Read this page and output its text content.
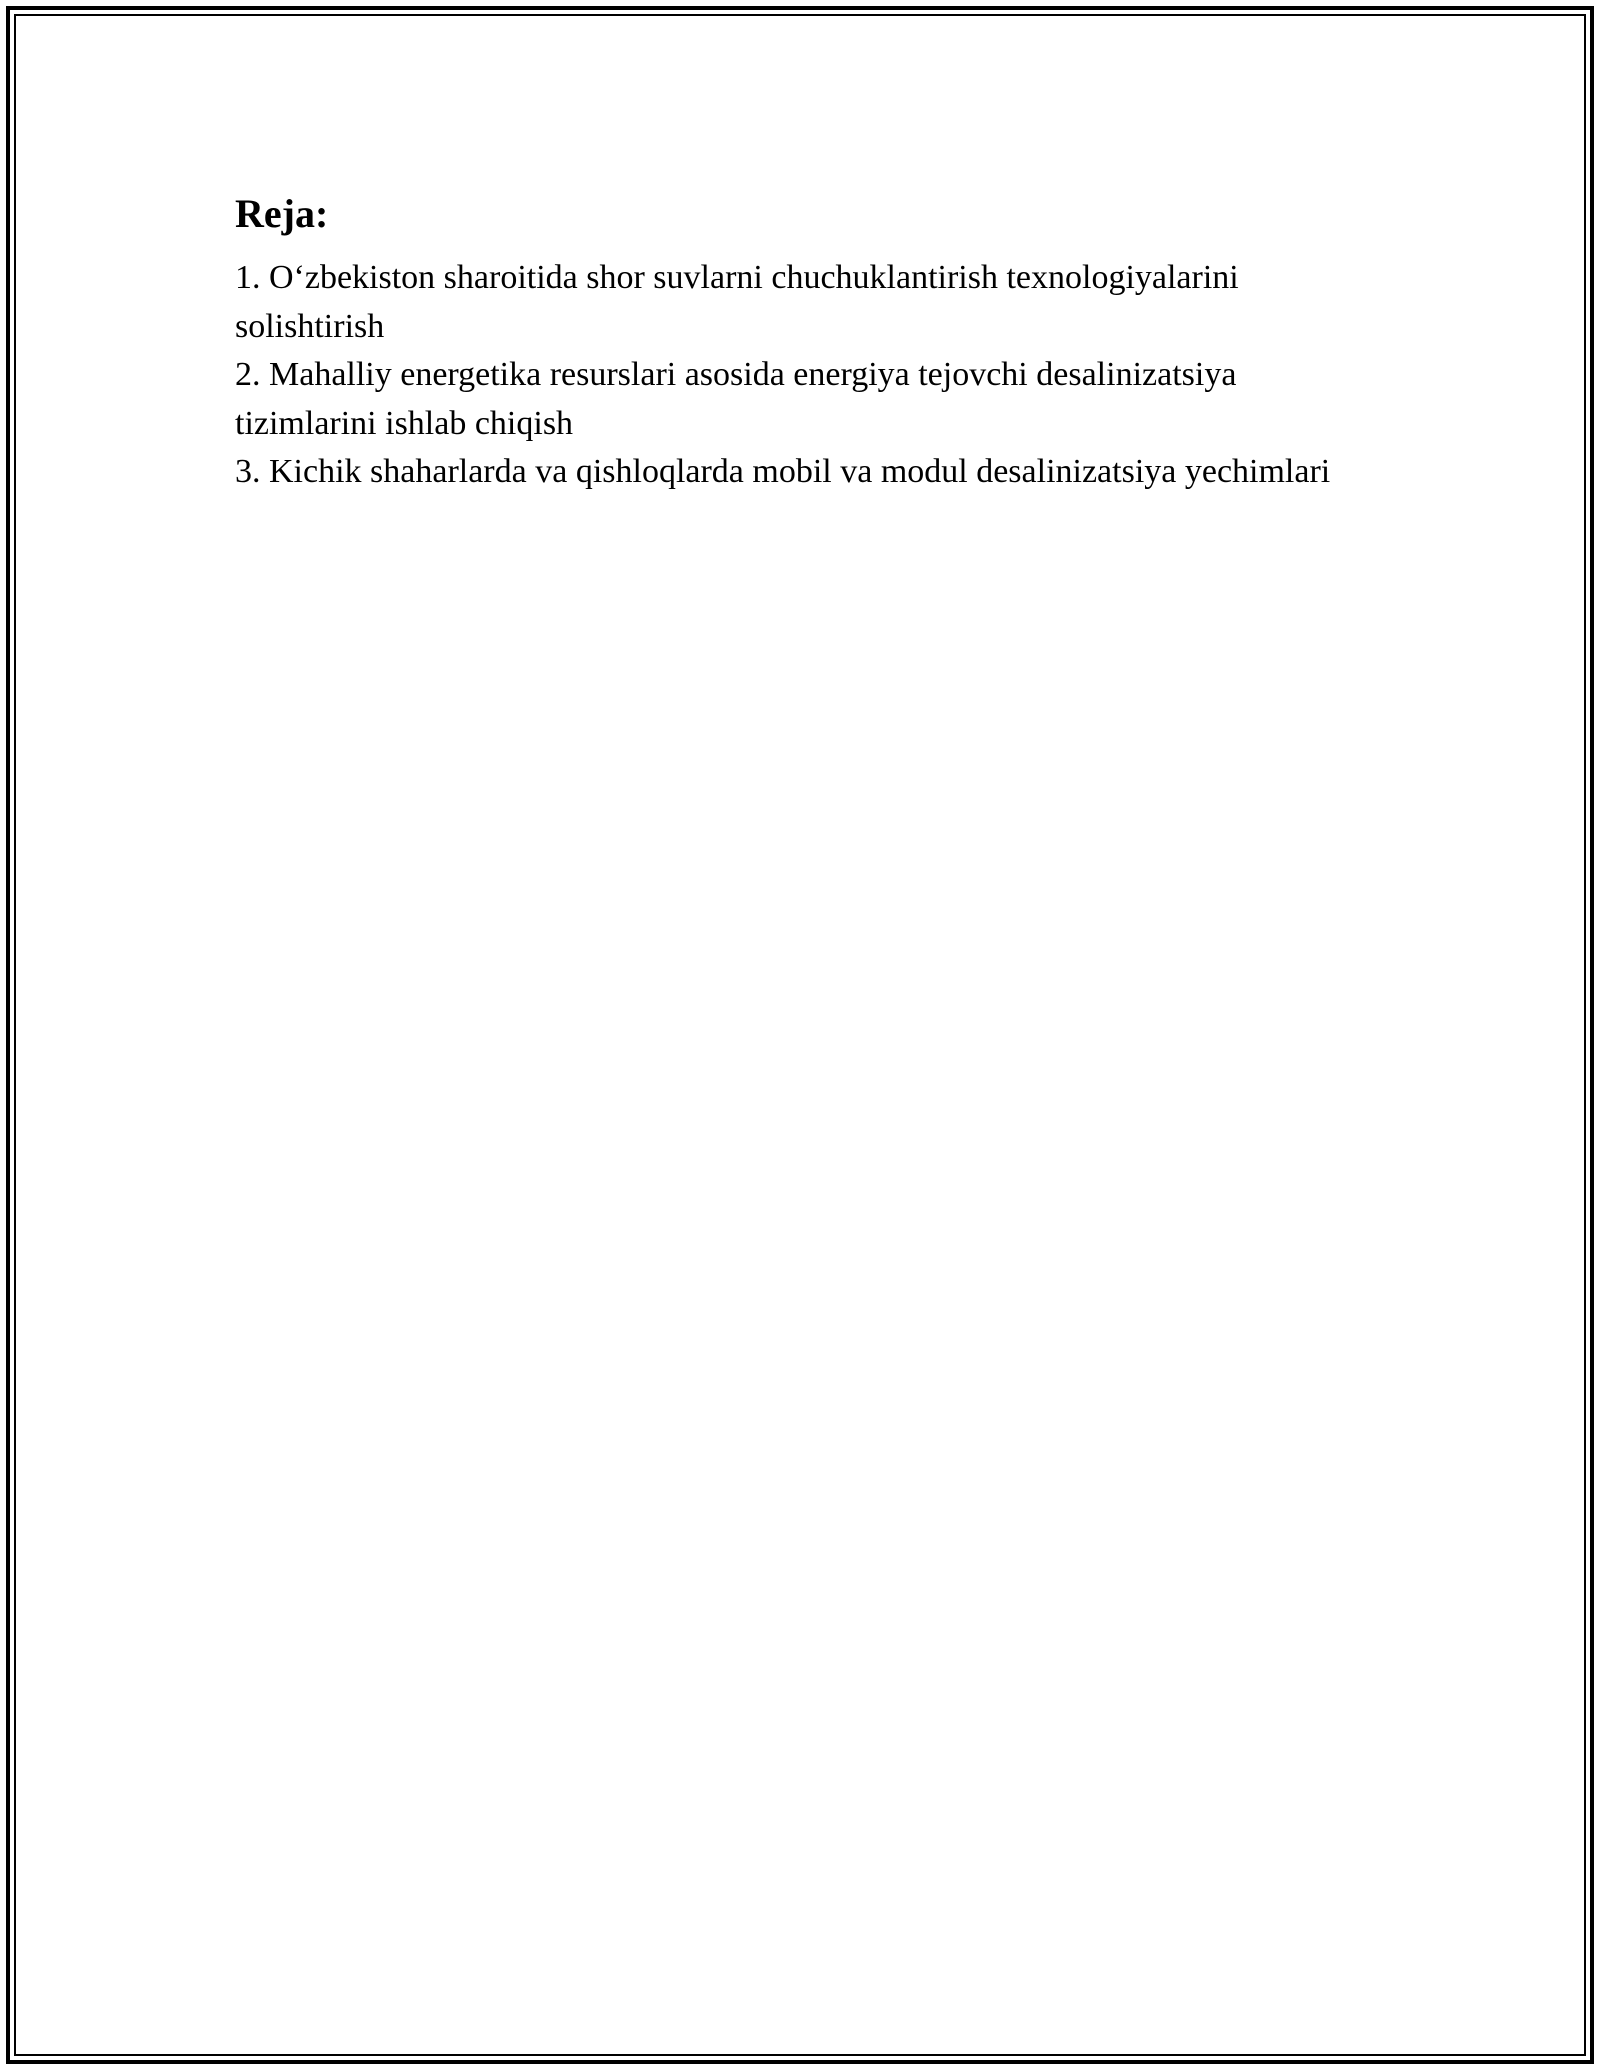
Reja:
1. O‘zbekiston sharoitida shor suvlarni chuchuklantirish texnologiyalarini solishtirish
2. Mahalliy energetika resurslari asosida energiya tejovchi desalinizatsiya tizimlarini ishlab chiqish
3. Kichik shaharlarda va qishloqlarda mobil va modul desalinizatsiya yechimlari
